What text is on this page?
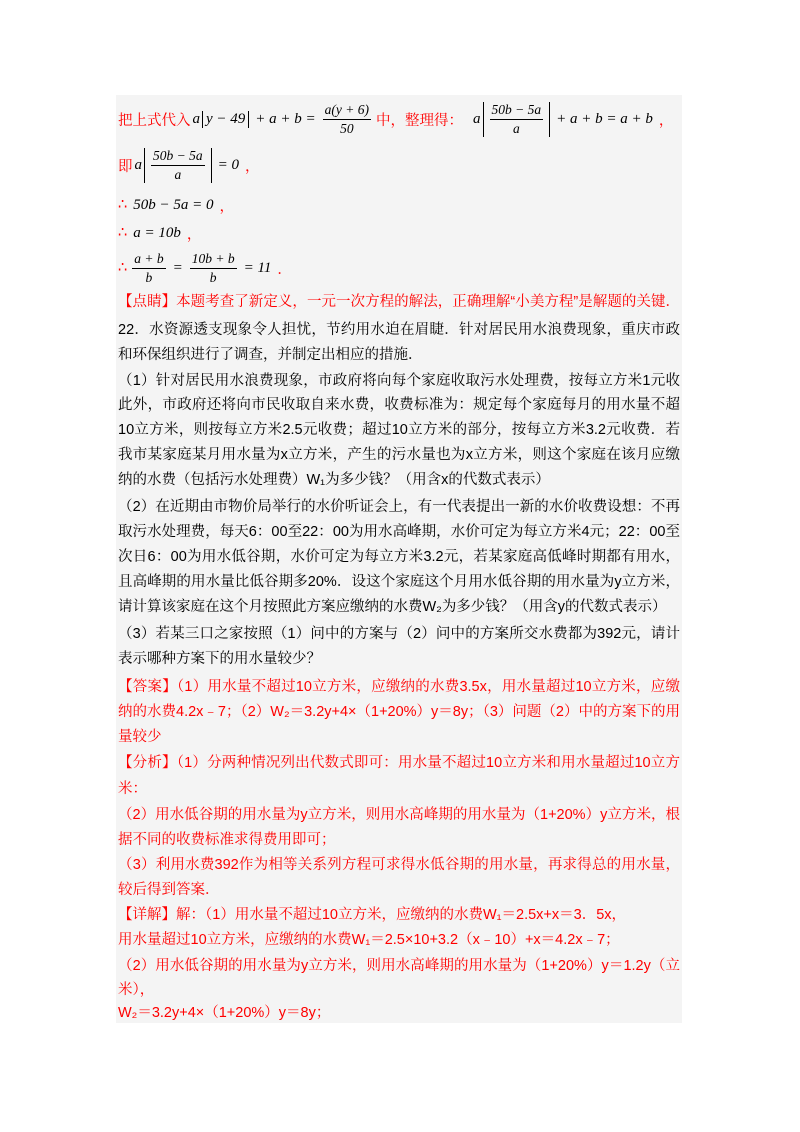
把上式代入 a $y - 49 + a + b = \frac{a(y + 6)}{50}$ 中，整理得： a $\frac{50b - 5a}{a} + a + b = a + b$ ，
即 a $\frac{50b - 5a}{a} = 0$ ，
∴ 50b − 5a = 0 ，
∴ a = 10b ，
∴ $\frac{a + b}{b} = \frac{10b + b}{b} = 11$ ．
【点睛】本题考查了新定义，一元一次方程的解法，正确理解“小美方程”是解题的关键．
22．水资源透支现象令人担忧，节约用水迫在眉睫．针对居民用水浪费现象，重庆市政
和环保组织进行了调查，并制定出相应的措施．
（1）针对居民用水浪费现象，市政府将向每个家庭收取污水处理费，按每立方米1元收
此外，市政府还将向市民收取自来水费，收费标准为：规定每个家庭每月的用水量不超
10立方米，则按每立方米2.5元收费；超过10立方米的部分，按每立方米3.2元收费．若
我市某家庭某月用水量为x立方米，产生的污水量也为x立方米，则这个家庭在该月应缴
纳的水费（包括污水处理费）W₁为多少钱？（用含x的代数式表示）
（2）在近期由市物价局举行的水价听证会上，有一代表提出一新的水价收费设想：不再
取污水处理费，每天6：00至22：00为用水高峰期，水价可定为每立方米4元；22：00至
次日6：00为用水低谷期，水价可定为每立方米3.2元，若某家庭高低峰时期都有用水，
且高峰期的用水量比低谷期多20%．设这个家庭这个月用水低谷期的用水量为y立方米，
请计算该家庭在这个月按照此方案应缴纳的水费W₂为多少钱？（用含y的代数式表示）
（3）若某三口之家按照（1）问中的方案与（2）问中的方案所交水费都为392元，请计
表示哪种方案下的用水量较少？
【答案】（1）用水量不超过10立方米，应缴纳的水费3.5x，用水量超过10立方米，应缴
纳的水费4.2x﹣7；（2）W₂＝3.2y+4×（1+20%）y＝8y；（3）问题（2）中的方案下的用
量较少
【分析】（1）分两种情况列出代数式即可：用水量不超过10立方米和用水量超过10立方
米：
（2）用水低谷期的用水量为y立方米，则用水高峰期的用水量为（1+20%）y立方米，根
据不同的收费标准求得费用即可；
（3）利用水费392作为相等关系列方程可求得水低谷期的用水量，再求得总的用水量，
较后得到答案．
【详解】解：（1）用水量不超过10立方米，应缴纳的水费W₁＝2.5x+x＝3．5x，
用水量超过10立方米，应缴纳的水费W₁＝2.5×10+3.2（x﹣10）+x＝4.2x﹣7；
（2）用水低谷期的用水量为y立方米，则用水高峰期的用水量为（1+20%）y＝1.2y（立
米），
W₂＝3.2y+4×（1+20%）y＝8y；
